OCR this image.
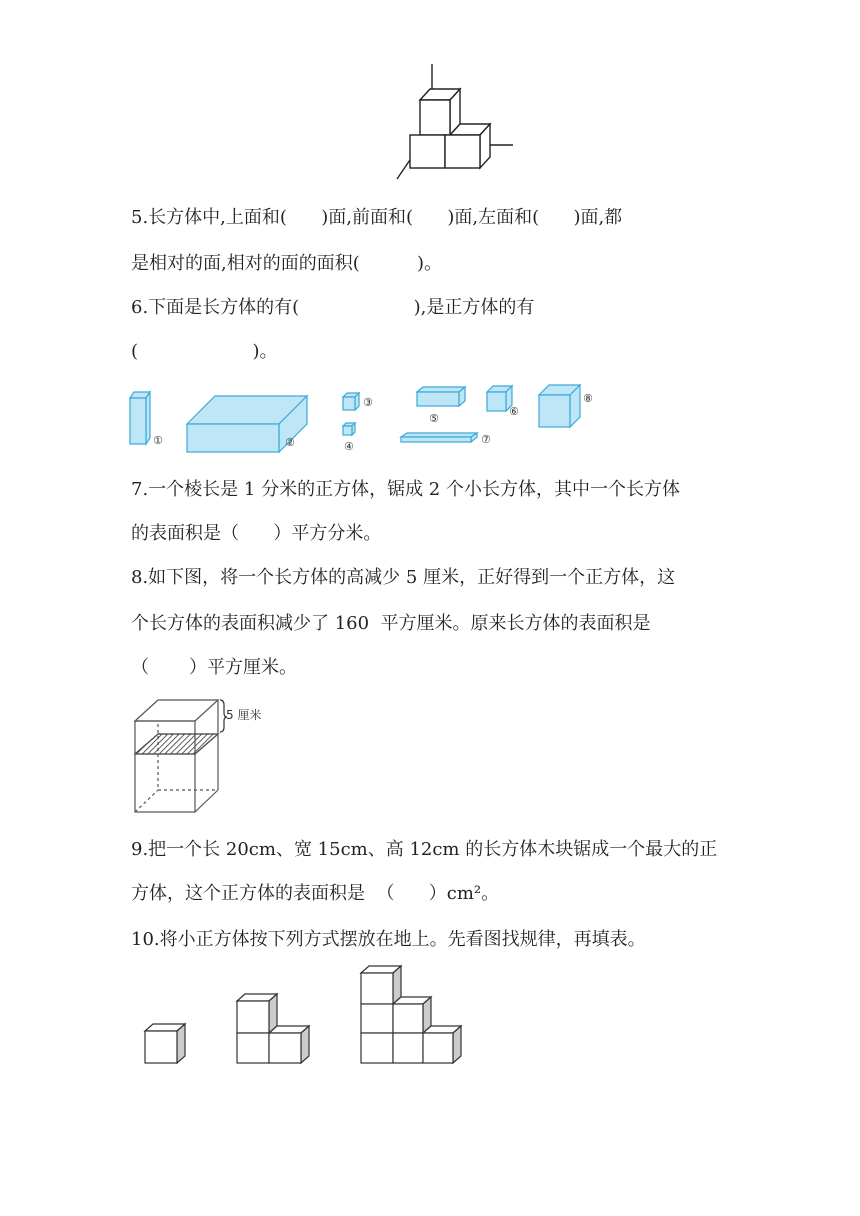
5.长方体中,上面和(      )面,前面和(      )面,左面和(      )面,都
是相对的面,相对的面的面积(          )。
6.下面是长方体的有(                    ),是正方体的有
(                    )。
①	②
③
④
⑤
⑥
⑦
⑧
7.一个棱长是 1 分米的正方体，锯成 2 个小长方体，其中一个长方体
的表面积是（      ）平方分米。
8.如下图，将一个长方体的高减少 5 厘米，正好得到一个正方体，这
个长方体的表面积减少了 160  平方厘米。原来长方体的表面积是
（       ）平方厘米。
5 厘米
9.把一个长 20cm、宽 15cm、高 12cm 的长方体木块锯成一个最大的正
方体，这个正方体的表面积是  （      ）cm²。
10.将小正方体按下列方式摆放在地上。先看图找规律，再填表。
